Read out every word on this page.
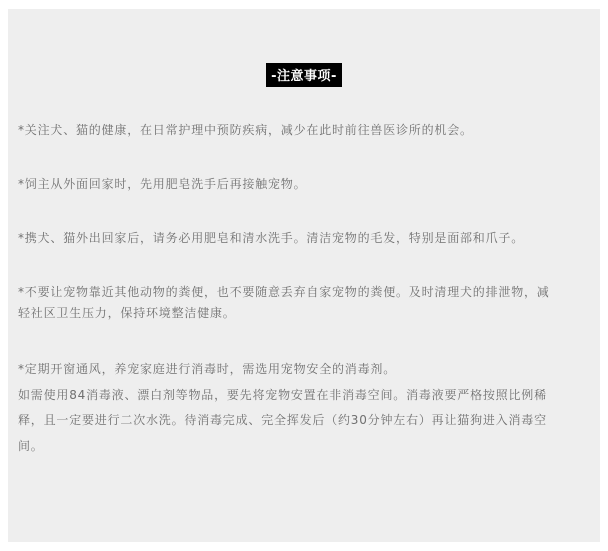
-注意事项-

*关注犬、猫的健康，在日常护理中预防疾病，减少在此时前往兽医诊所的机会。

*饲主从外面回家时，先用肥皂洗手后再接触宠物。

*携犬、猫外出回家后，请务必用肥皂和清水洗手。清洁宠物的毛发，特别是面部和爪子。

*不要让宠物靠近其他动物的粪便，也不要随意丢弃自家宠物的粪便。及时清理犬的排泄物，减
轻社区卫生压力，保持环境整洁健康。

*定期开窗通风，养宠家庭进行消毒时，需选用宠物安全的消毒剂。
如需使用84消毒液、漂白剂等物品，要先将宠物安置在非消毒空间。消毒液要严格按照比例稀
释，且一定要进行二次水洗。待消毒完成、完全挥发后（约30分钟左右）再让猫狗进入消毒空
间。
